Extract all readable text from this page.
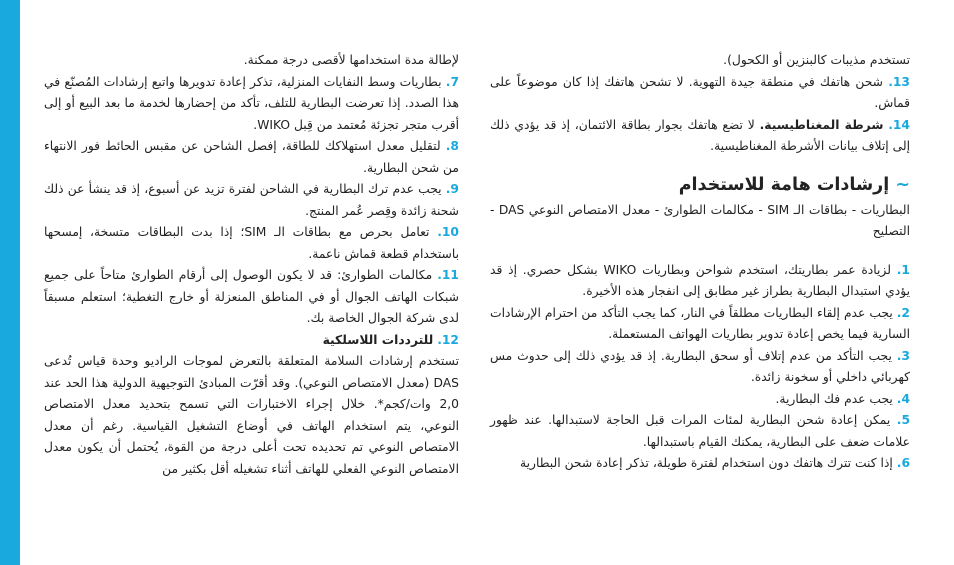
تستخدم مذيبات كالبنزين أو الكحول).

13. شحن هاتفك في منطقة جيدة التهوية. لا تشحن هاتفك إذا كان موضوعاً على قماش.

14. شرطة المغناطيسية. لا تضع هاتفك بجوار بطاقة الائتمان، إذ قد يؤدي ذلك إلى إتلاف بيانات الأشرطة المغناطيسية.

~ إرشادات هامة للاستخدام

البطاريات - بطاقات الـ SIM - مكالمات الطوارئ - معدل الامتصاص النوعي DAS - التصليح

1. لزيادة عمر بطاريتك، استخدم شواحن وبطاريات WIKO بشكل حصري. إذ قد يؤدي استبدال البطارية بطراز غير مطابق إلى انفجار هذه الأخيرة.

2. يجب عدم إلقاء البطاريات مطلقاً في النار، كما يجب التأكد من احترام الإرشادات السارية فيما يخص إعادة تدوير بطاريات الهواتف المستعملة.

3. يجب التأكد من عدم إتلاف أو سحق البطارية. إذ قد يؤدي ذلك إلى حدوث مس كهربائي داخلي أو سخونة زائدة.

4. يجب عدم فك البطارية.

5. يمكن إعادة شحن البطارية لمئات المرات قبل الحاجة لاستبدالها. عند ظهور علامات ضعف على البطارية، يمكنك القيام باستبدالها.

6. إذا كنت تترك هاتفك دون استخدام لفترة طويلة، تذكر إعادة شحن البطارية

لإطالة مدة استخدامها لأقصى درجة ممكنة.

7. بطاريات وسط النفايات المنزلية، تذكر إعادة تدويرها واتبع إرشادات المُصنّع في هذا الصدد. إذا تعرضت البطارية للتلف، تأكد من إحضارها لخدمة ما بعد البيع أو إلى أقرب متجر تجزئة مُعتمد من قِبل WIKO.

8. لتقليل معدل استهلاكك للطاقة، إفصل الشاحن عن مقبس الحائط فور الانتهاء من شحن البطارية.

9. يجب عدم ترك البطارية في الشاحن لفترة تزيد عن أسبوع، إذ قد ينشأ عن ذلك شحنة زائدة وقِصر عُمر المنتج.

10. تعامل بحرص مع بطاقات الـ SIM؛ إذا بدت البطاقات متسخة، إمسحها باستخدام قطعة قماش ناعمة.

11. مكالمات الطوارئ: قد لا يكون الوصول إلى أرقام الطوارئ متاحاً على جميع شبكات الهاتف الجوال أو في المناطق المنعزلة أو خارج التغطية؛ استعلم مسبقاً لدى شركة الجوال الخاصة بك.

12. للترددات اللاسلكية

تستخدم إرشادات السلامة المتعلقة بالتعرض لموجات الراديو وحدة قياس تُدعى DAS (معدل الامتصاص النوعي). وقد أقرّت المبادئ التوجيهية الدولية هذا الحد عند 2,0 وات/كجم*. خلال إجراء الاختبارات التي تسمح بتحديد معدل الامتصاص النوعي، يتم استخدام الهاتف في أوضاع التشغيل القياسية. رغم أن معدل الامتصاص النوعي تم تحديده تحت أعلى درجة من القوة، يُحتمل أن يكون معدل الامتصاص النوعي الفعلي للهاتف أثناء تشغيله أقل بكثير من
